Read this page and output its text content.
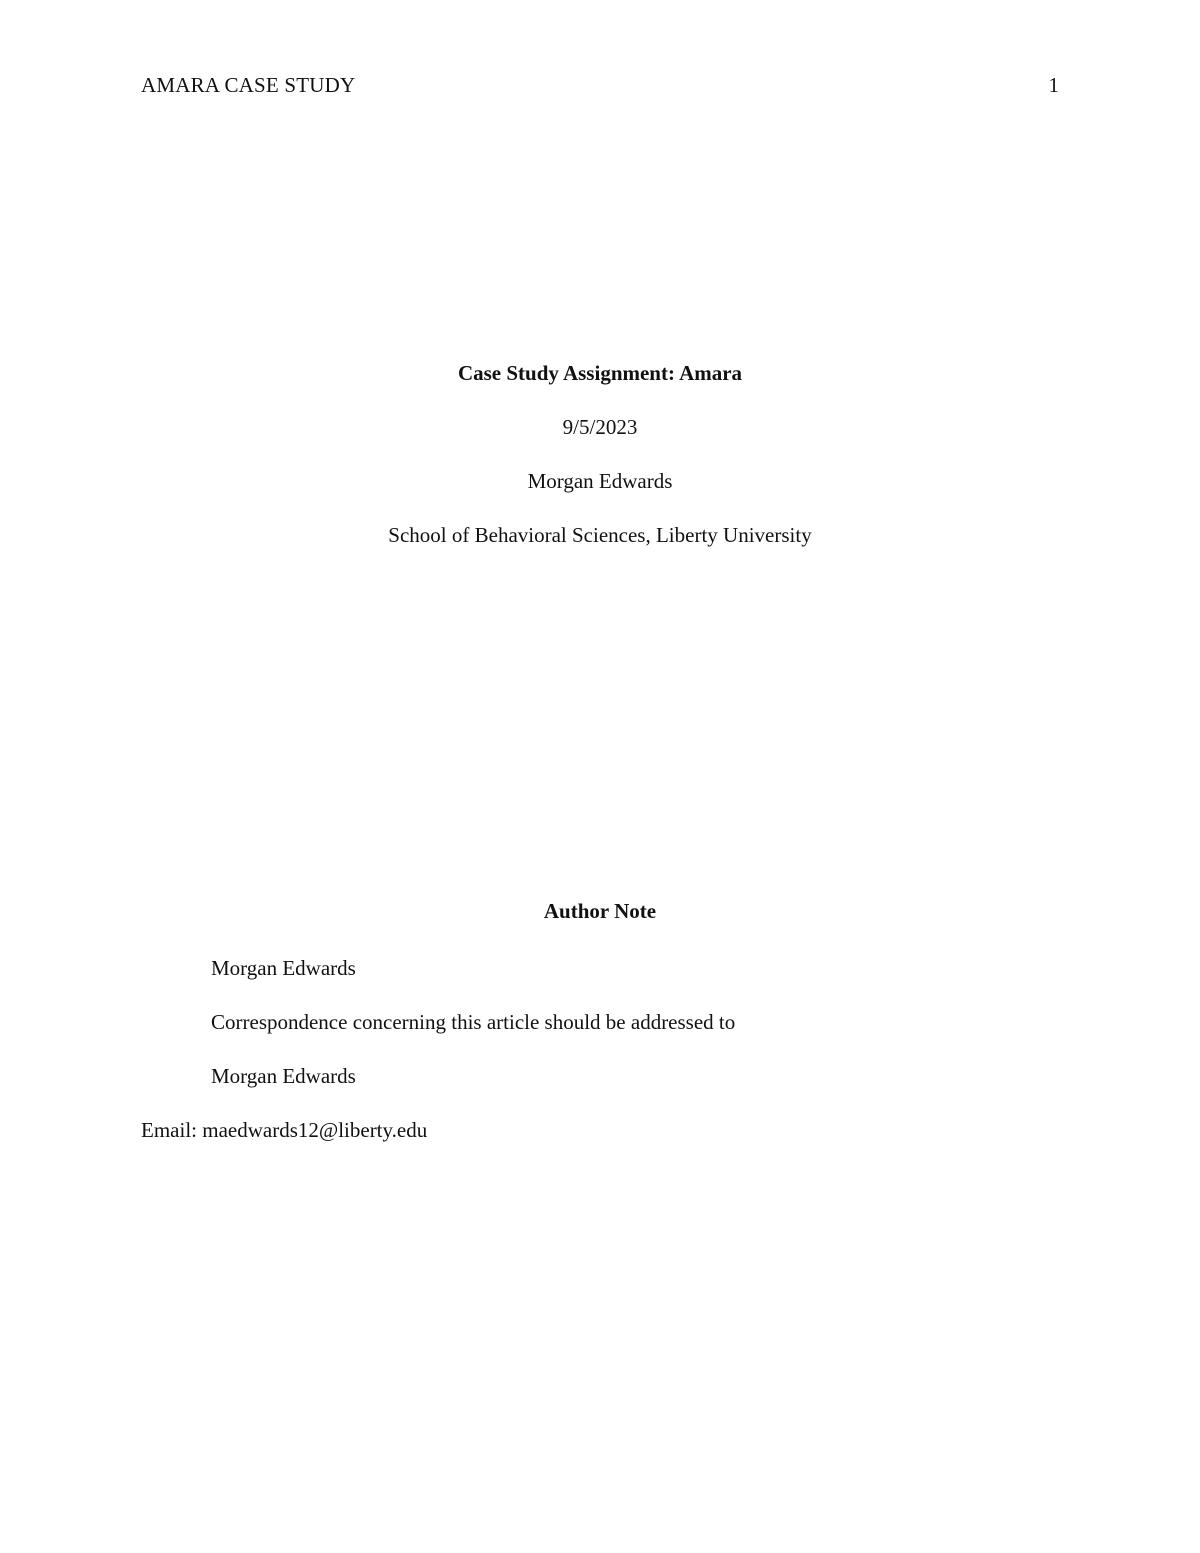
AMARA CASE STUDY	1
Case Study Assignment: Amara
9/5/2023
Morgan Edwards
School of Behavioral Sciences, Liberty University
Author Note
Morgan Edwards
Correspondence concerning this article should be addressed to
Morgan Edwards
Email: maedwards12@liberty.edu
